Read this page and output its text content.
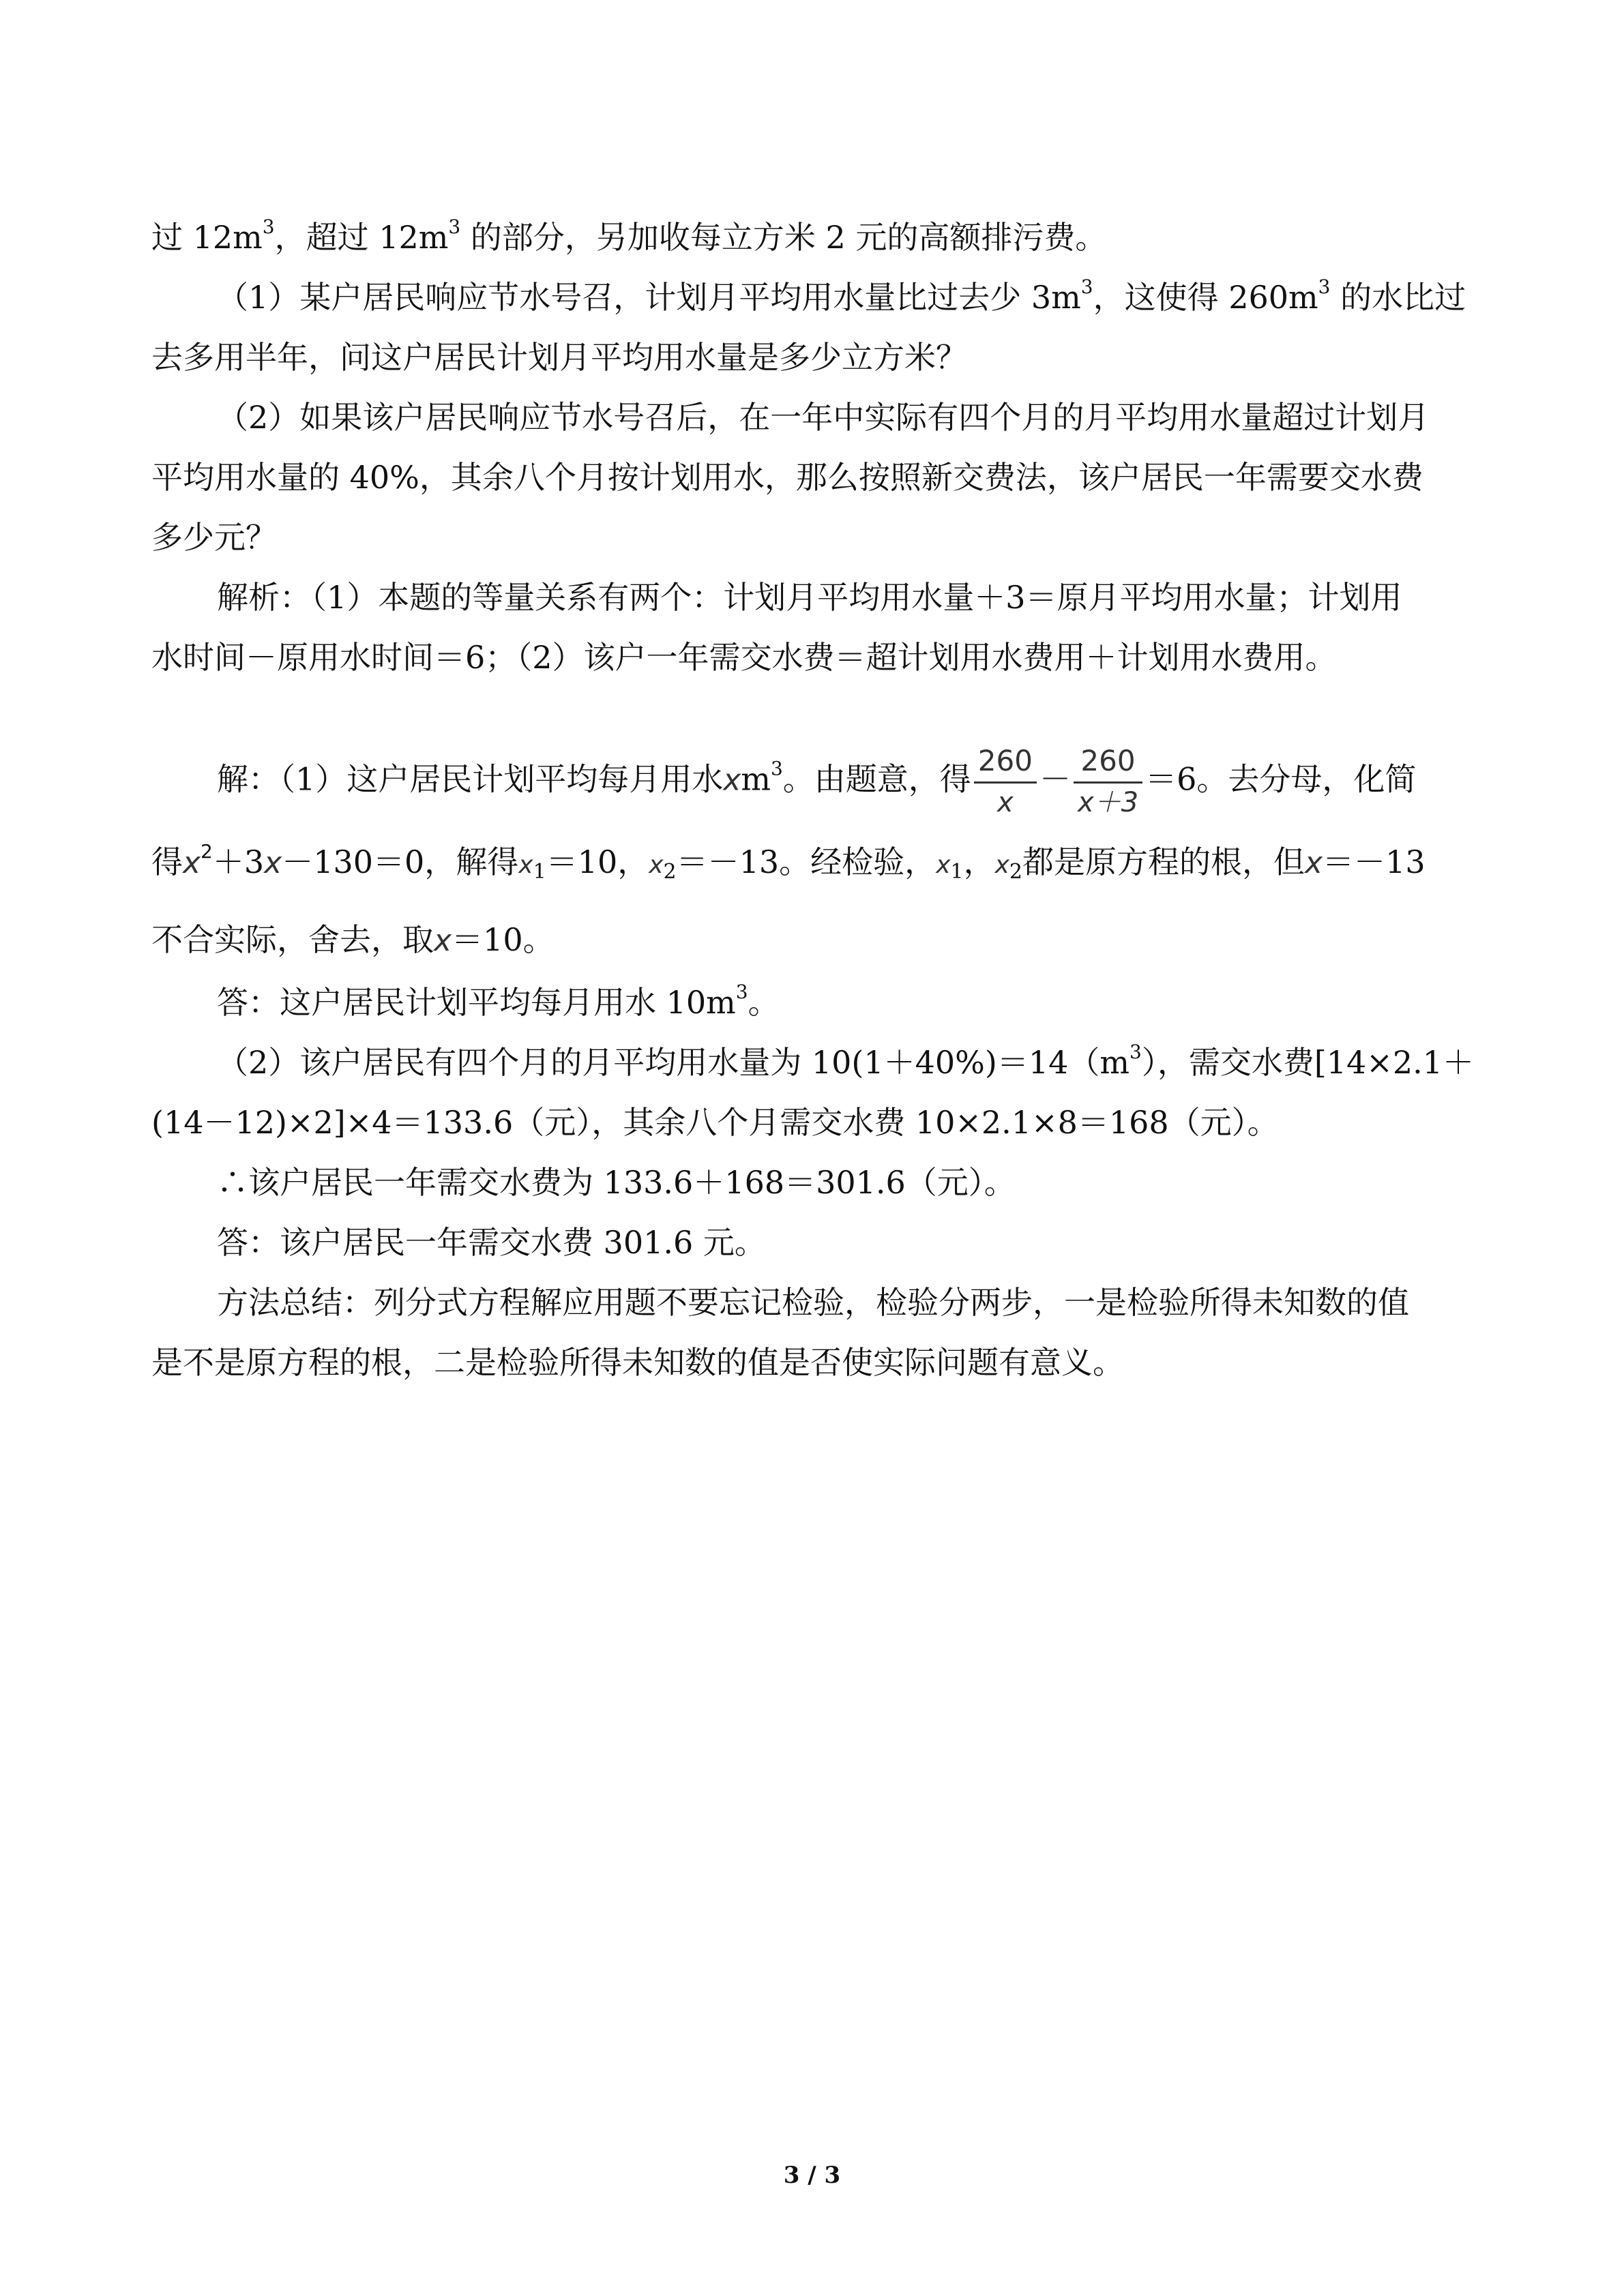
过 $12m^3$，超过 $12m^3$ 的部分，另加收每立方米 2 元的高额排污费。
（1）某户居民响应节水号召，计划月平均用水量比过去少 $3m^3$，这使得 $260m^3$ 的水比过
去多用半年，问这户居民计划月平均用水量是多少立方米？
（2）如果该户居民响应节水号召后，在一年中实际有四个月的月平均用水量超过计划月
平均用水量的 40%，其余八个月按计划用水，那么按照新交费法，该户居民一年需要交水费
多少元？
解析：（1）本题的等量关系有两个：计划月平均用水量＋3＝原月平均用水量；计划用
水时间－原用水时间＝6；（2）该户一年需交水费＝超计划用水费用＋计划用水费用。
解：（1）这户居民计划平均每月用水$xm^3$。由题意，得 $\frac{260}{x} - \frac{260}{x+3} =6$。去分母，化简
得$x^2+3x-130=0$，解得$x_1=10$，$x_2=-13$。经检验，$x_1$，$x_2$都是原方程的根，但x＝－13
不合实际，舍去，取x＝10。
答：这户居民计划平均每月用水 $10m^3$。
（2）该户居民有四个月的月平均用水量为 $10(1+40\%)=14(m^3)$，需交水费[14×2.1＋
(14－12)×2]×4＝133.6（元），其余八个月需交水费 10×2.1×8＝168（元）。
∴该户居民一年需交水费为 133.6＋168＝301.6（元）。
答：该户居民一年需交水费 301.6 元。
方法总结：列分式方程解应用题不要忘记检验，检验分两步，一是检验所得未知数的值
是不是原方程的根，二是检验所得未知数的值是否使实际问题有意义。
3 / 3
